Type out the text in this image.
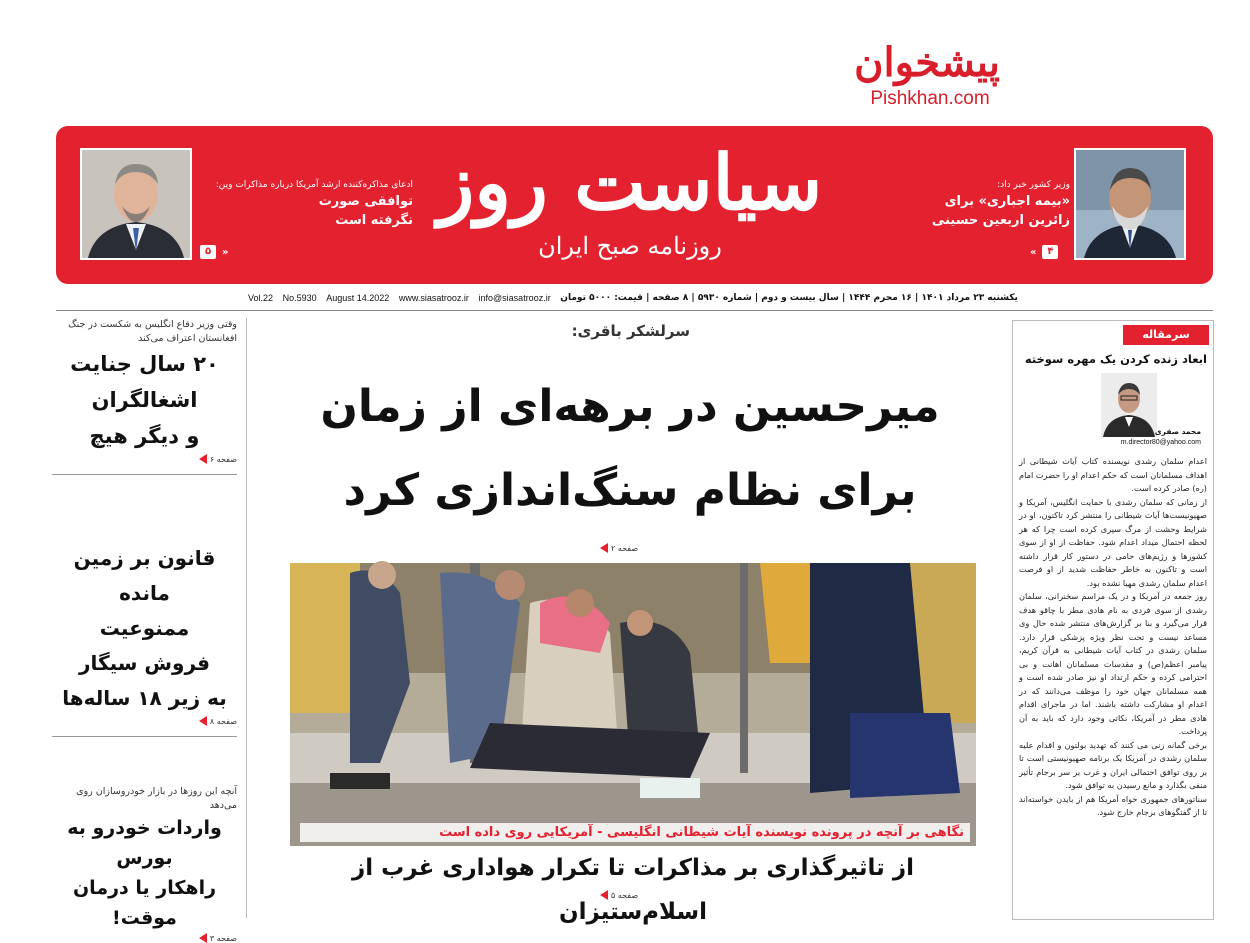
پیشخوان
Pishkhan.com
سیاست روز
روزنامه صبح ایران
وزیر کشور خبر داد:
«بیمه اجباری» برای
زائرین اربعین حسینی
«	۴
ادعای مذاکره‌کننده ارشد آمریکا درباره مذاکرات وین:
توافقی صورت
نگرفته است
۵	»
Vol.22 No.5930 August 14.2022 www.siasatrooz.ir info@siasatrooz.ir یکشنبه ۲۳ مرداد ۱۴۰۱ | ۱۶ محرم ۱۴۴۴ | سال بیست و دوم | شماره ۵۹۳۰ | ۸ صفحه | قیمت: ۵۰۰۰ تومان
وقتی وزیر دفاع انگلیس به شکست در جنگ افغانستان اعتراف می‌کند
۲۰ سال جنایت
اشغالگران
و دیگر هیچ
صفحه ۶
قانون بر زمین مانده
ممنوعیت
فروش سیگار
به زیر ۱۸ ساله‌ها
صفحه ۸
آنچه این روزها در بازار خودروسازان روی می‌دهد
واردات خودرو به بورس
راهکار یا درمان موقت!
صفحه ۳
سرلشکر باقری:
میرحسین در برهه‌ای از زمان
برای نظام سنگ‌اندازی کرد
صفحه ۲
نگاهی بر آنچه در پرونده نویسنده آیات شیطانی انگلیسی - آمریکایی روی داده است
از تاثیرگذاری بر مذاکرات تا تکرار هواداری غرب از اسلام‌ستیزان
صفحه ۵
سرمقاله
ابعاد زنده کردن یک مهره سوخته
محمد صفری
m.director80@yahoo.com

اعدام سلمان رشدی نویسنده کتاب آیات شیطانی از اهداف مسلمانان است که حکم اعدام او را حضرت امام (ره) صادر کرده است.

از زمانی که سلمان رشدی با حمایت انگلیس، آمریکا و صهیونیست‌ها آیات شیطانی را منتشر کرد تاکنون، او در شرایط وحشت از مرگ سپری کرده است چرا که هر لحظه احتمال میداد اعدام شود. حفاظت از او از سوی کشورها و رژیم‌های حامی در دستور کار قرار داشته است و تاکنون به خاطر حفاظت شدید از او فرصت اعدام سلمان رشدی مهیا نشده بود.

روز جمعه در آمریکا و در یک مراسم سخنرانی، سلمان رشدی از سوی فردی به نام هادی مطر با چاقو هدف قرار می‌گیرد و بنا بر گزارش‌های منتشر شده حال وی مساعد نیست و تحت نظر ویژه پزشکی قرار دارد. سلمان رشدی در کتاب آیات شیطانی به قرآن کریم، پیامبر اعظم(ص) و مقدسات مسلمانان اهانت و بی احترامی کرده و حکم ارتداد او نیز صادر شده است و همه مسلمانان جهان خود را موظف می‌دانند که در اعدام او مشارکت داشته باشند. اما در ماجرای اقدام هادی مطر در آمریکا، نکاتی وجود دارد که باید به آن پرداخت.

برخی گمانه زنی می کنند که تهدید بولتون و اقدام علیه سلمان رشدی در آمریکا یک برنامه صهیونیستی است تا بر روی توافق احتمالی ایران و غرب بر سر برجام تأثیر منفی بگذارد و مانع رسیدن به توافق شود.

سناتورهای جمهوری خواه آمریکا هم از بایدن خواسته‌اند تا از گفتگوهای برجام خارج شود.
